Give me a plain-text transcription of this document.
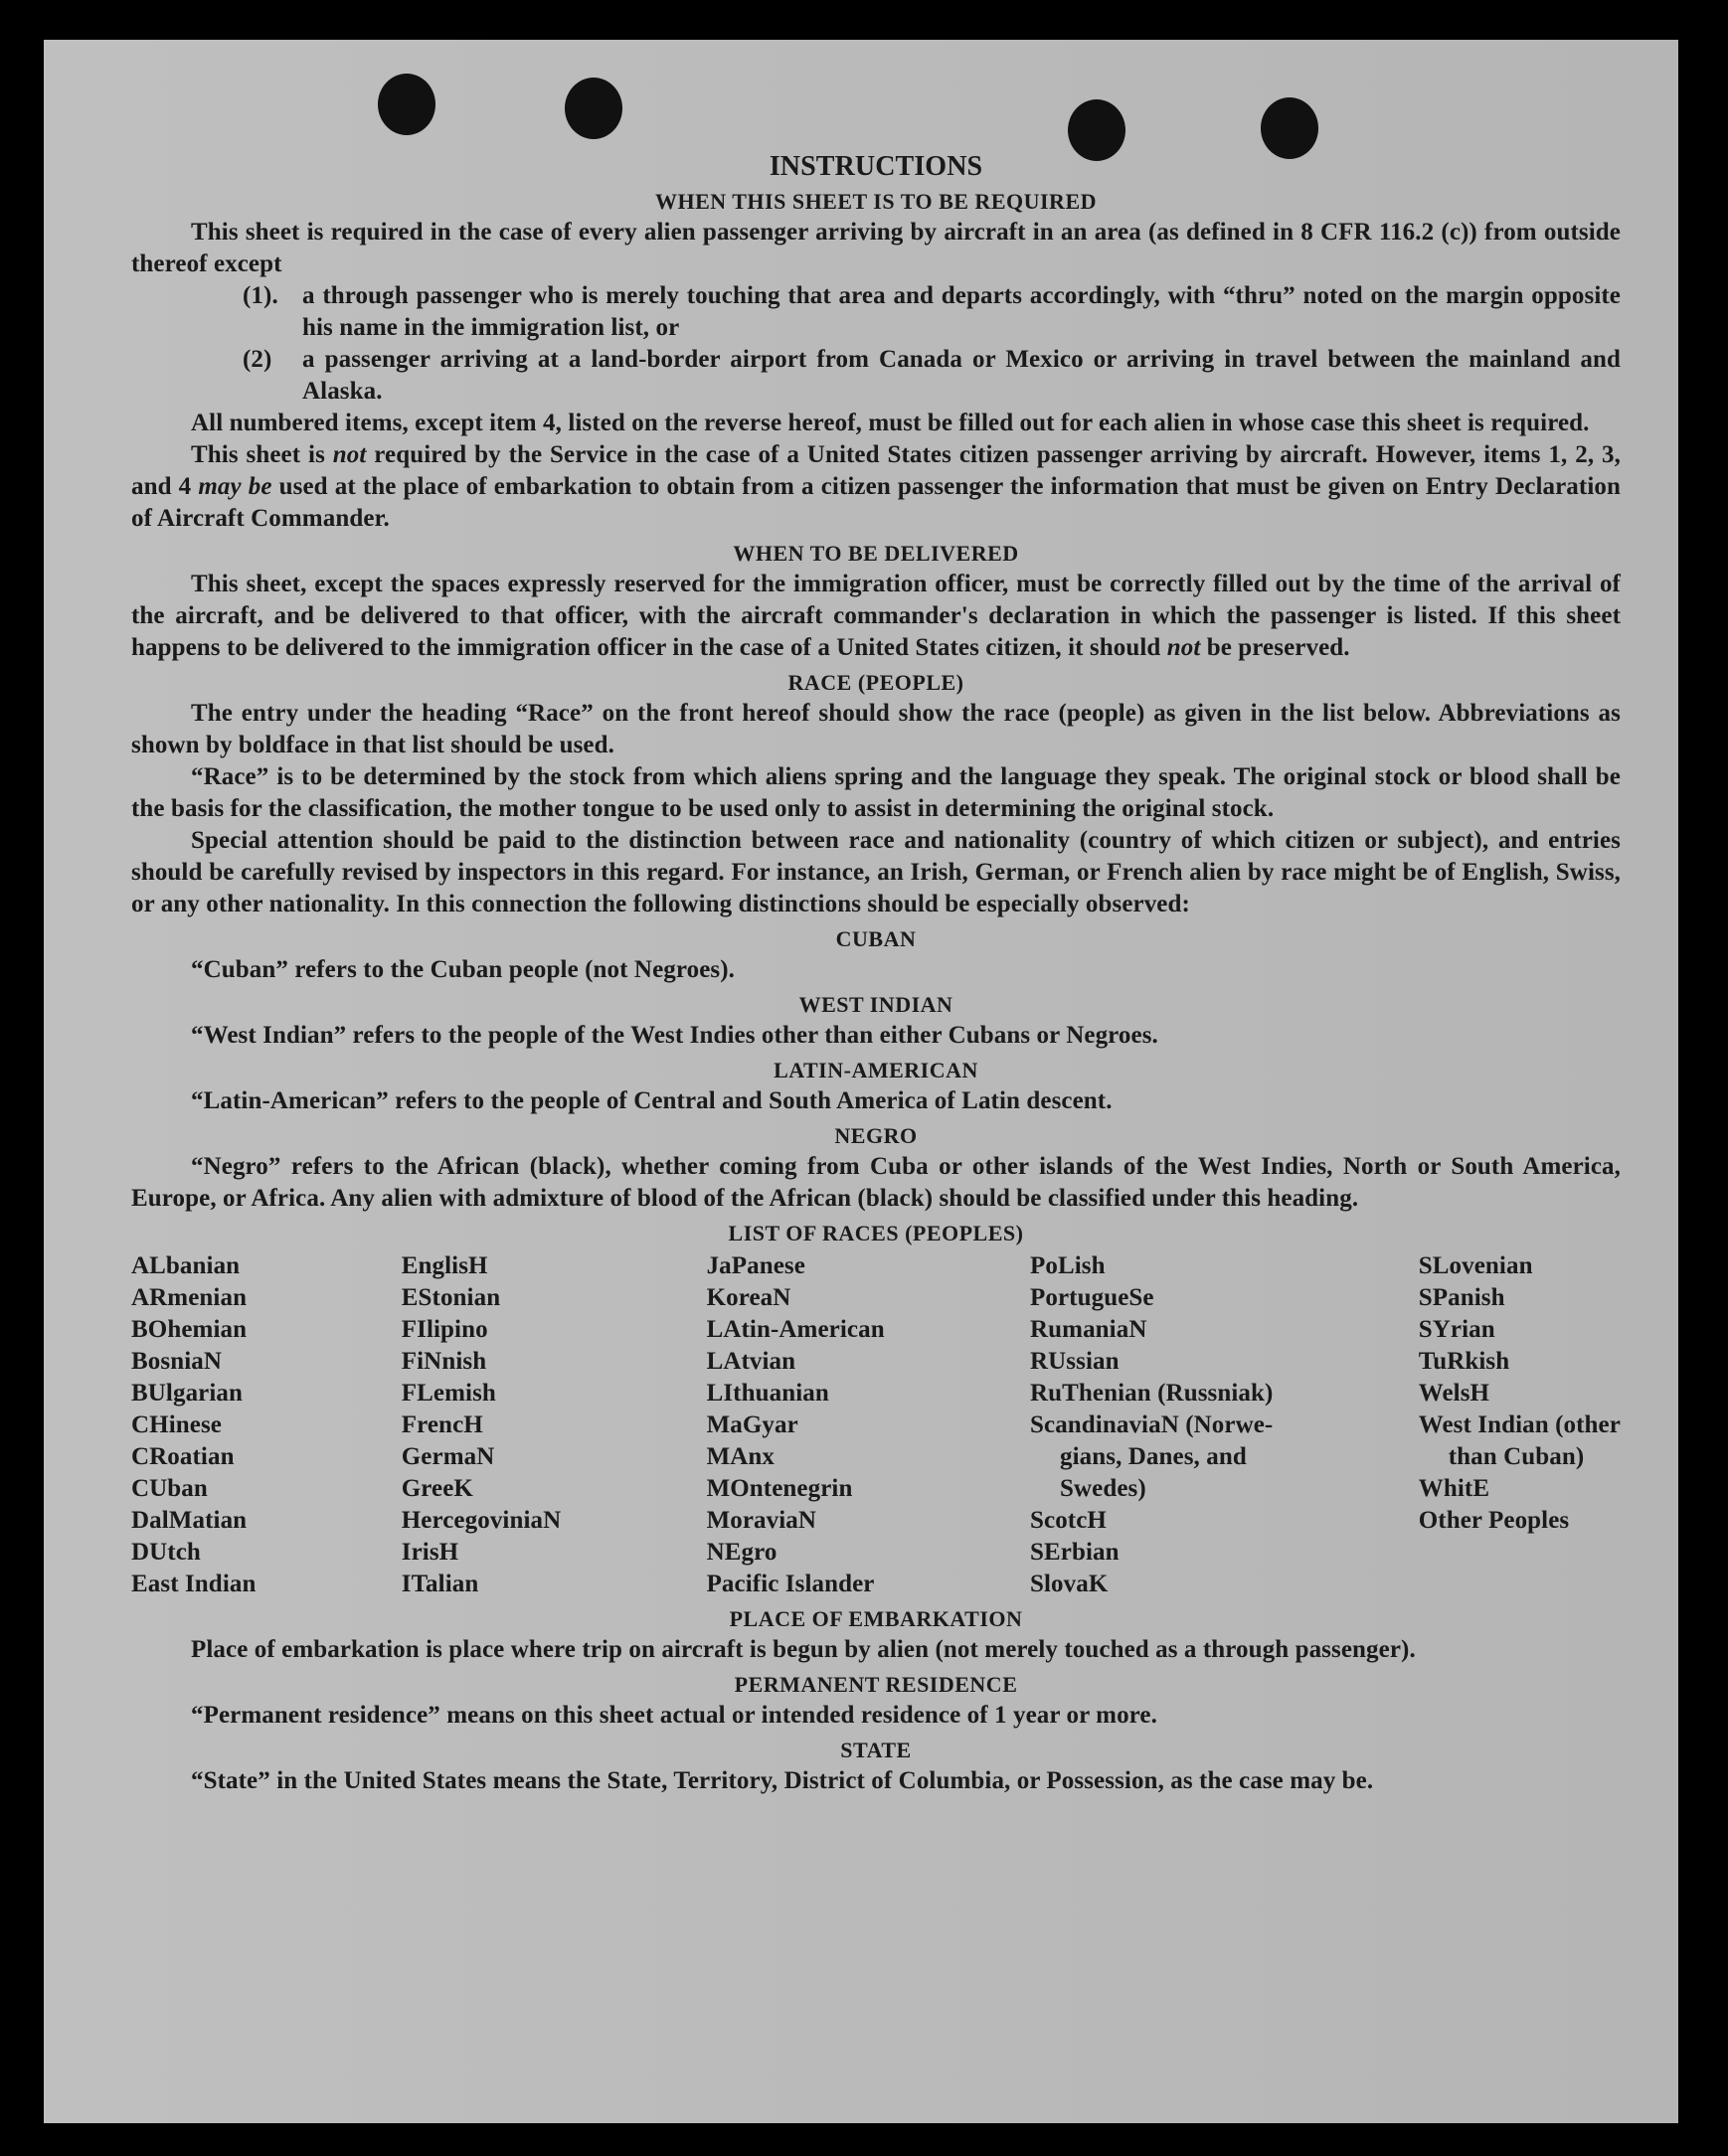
INSTRUCTIONS
WHEN THIS SHEET IS TO BE REQUIRED

This sheet is required in the case of every alien passenger arriving by aircraft in an area (as defined in 8 CFR 116.2 (c)) from outside thereof except

(1). a through passenger who is merely touching that area and departs accordingly, with “thru” noted on the margin opposite his name in the immigration list, or
(2)	a passenger arriving at a land-border airport from Canada or Mexico or arriving in travel between the mainland and Alaska.

All numbered items, except item 4, listed on the reverse hereof, must be filled out for each alien in whose case this sheet is required.

This sheet is not required by the Service in the case of a United States citizen passenger arriving by aircraft. However, items 1, 2, 3, and 4 may be used at the place of embarkation to obtain from a citizen passenger the information that must be given on Entry Declaration of Aircraft Commander.

WHEN TO BE DELIVERED

This sheet, except the spaces expressly reserved for the immigration officer, must be correctly filled out by the time of the arrival of the aircraft, and be delivered to that officer, with the aircraft commander's declaration in which the passenger is listed. If this sheet happens to be delivered to the immigration officer in the case of a United States citizen, it should not be preserved.

RACE (PEOPLE)

The entry under the heading “Race” on the front hereof should show the race (people) as given in the list below. Abbreviations as shown by boldface in that list should be used.

“Race” is to be determined by the stock from which aliens spring and the language they speak. The original stock or blood shall be the basis for the classification, the mother tongue to be used only to assist in determining the original stock.

Special attention should be paid to the distinction between race and nationality (country of which citizen or subject), and entries should be carefully revised by inspectors in this regard. For instance, an Irish, German, or French alien by race might be of English, Swiss, or any other nationality. In this connection the following distinctions should be especially observed:

CUBAN

“Cuban” refers to the Cuban people (not Negroes).

WEST INDIAN

“West Indian” refers to the people of the West Indies other than either Cubans or Negroes.

LATIN-AMERICAN

“Latin-American” refers to the people of Central and South America of Latin descent.

NEGRO

“Negro” refers to the African (black), whether coming from Cuba or other islands of the West Indies, North or South America, Europe, or Africa. Any alien with admixture of blood of the African (black) should be classified under this heading.

LIST OF RACES (PEOPLES)
ALbanian
ARmenian
BOhemian
BosniaN
BUlgarian
CHinese
CRoatian
CUban
DalMatian
DUtch
East Indian
EnglisH
EStonian
FIlipino
FiNnish
FLemish
FrencH
GermaN
GreeK
HercegoviniaN
IrisH
ITalian
JaPanese
KoreaN
LAtin-American
LAtvian
LIthuanian
MaGyar
MAnx
MOntenegrin
MoraviaN
NEgro
Pacific Islander
PoLish
PortugueSe
RumaniaN
RUssian
RuThenian (Russniak)
ScandinaviaN (Norwe-
gians, Danes, and
Swedes)
ScotcH
SErbian
SlovaK
SLovenian
SPanish
SYrian
TuRkish
WelsH
West Indian (other
than Cuban)
WhitE
Other Peoples
PLACE OF EMBARKATION

Place of embarkation is place where trip on aircraft is begun by alien (not merely touched as a through passenger).

PERMANENT RESIDENCE

“Permanent residence” means on this sheet actual or intended residence of 1 year or more.

STATE

“State” in the United States means the State, Territory, District of Columbia, or Possession, as the case may be.
